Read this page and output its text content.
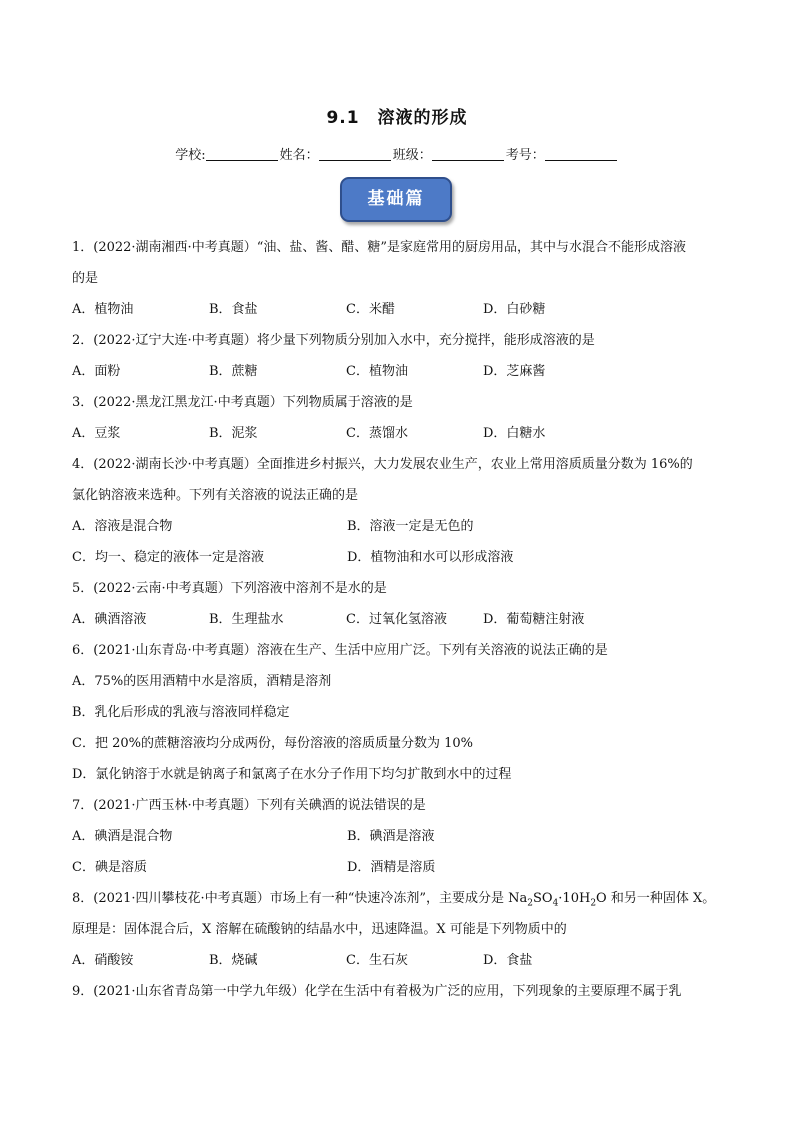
9.1　溶液的形成
学校:	姓名：	班级：	考号：
基础篇
1．(2022·湖南湘西·中考真题）“油、盐、酱、醋、糖”是家庭常用的厨房用品，其中与水混合不能形成溶液
的是
A．植物油	B．食盐	C．米醋	D．白砂糖
2．(2022·辽宁大连·中考真题）将少量下列物质分别加入水中，充分搅拌，能形成溶液的是
A．面粉	B．蔗糖	C．植物油	D．芝麻酱
3．(2022·黑龙江黑龙江·中考真题）下列物质属于溶液的是
A．豆浆	B．泥浆	C．蒸馏水	D．白糖水
4．(2022·湖南长沙·中考真题）全面推进乡村振兴，大力发展农业生产，农业上常用溶质质量分数为 16%的
氯化钠溶液来选种。下列有关溶液的说法正确的是
A．溶液是混合物	B．溶液一定是无色的
C．均一、稳定的液体一定是溶液	D．植物油和水可以形成溶液
5．(2022·云南·中考真题）下列溶液中溶剂不是水的是
A．碘酒溶液	B．生理盐水	C．过氧化氢溶液	D．葡萄糖注射液
6．(2021·山东青岛·中考真题）溶液在生产、生活中应用广泛。下列有关溶液的说法正确的是
A．75%的医用酒精中水是溶质，酒精是溶剂
B．乳化后形成的乳液与溶液同样稳定
C．把 20%的蔗糖溶液均分成两份，每份溶液的溶质质量分数为 10%
D．氯化钠溶于水就是钠离子和氯离子在水分子作用下均匀扩散到水中的过程
7．(2021·广西玉林·中考真题）下列有关碘酒的说法错误的是
A．碘酒是混合物	B．碘酒是溶液
C．碘是溶质	D．酒精是溶质
8．(2021·四川攀枝花·中考真题）市场上有一种“快速冷冻剂”，主要成分是 $Na_2SO_4\cdot 10H_2O$ 和另一种固体 X。
原理是：固体混合后，X 溶解在硫酸钠的结晶水中，迅速降温。X 可能是下列物质中的
A．硝酸铵	B．烧碱	C．生石灰	D．食盐
9．(2021·山东省青岛第一中学九年级）化学在生活中有着极为广泛的应用，下列现象的主要原理不属于乳
